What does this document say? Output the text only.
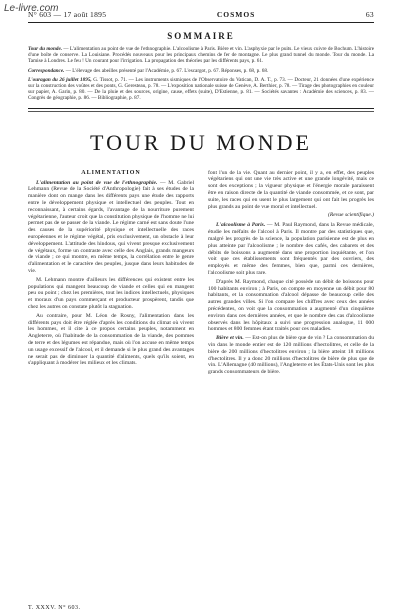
Le-livre.com
N° 603 — 17 août 1895	COSMOS	63
SOMMAIRE
Tour du monde. — L'alimentation au point de vue de l'ethnographie. L'alcoolisme à Paris. Bière et vin. L'asphyxie par le puits. Le vieux cuivre de Bochum. L'histoire d'une boîte de conserve. La Louisiane. Procédés nouveaux pour les principaux chemins de fer de montagne. Le plus grand tunnel du monde. Tour du monde. La Tamise à Londres. Le feu ! Un courant pour l'irrigation. La propagation des théories par les différents pays, p. 61.
Correspondance. — L'élevage des abeilles présenté par l'Académie, p. 67. L'escargot, p. 67. Réponses, p. 68, p. 68.
L'ouragan du 26 juillet 1895, G. Tissot, p. 71. — Les instruments sismiques de l'Observatoire du Vatican, D. A. T., p. 73. — Docteur, 21 données d'une expérience sur la construction des voûtes et des ponts, G. Geresteau, p. 78. — L'exposition nationale suisse de Genève, A. Berthier, p. 78. — Tirage des photographies en couleur sur papier, A. Garin, p. 80. — De la pluie et des sources, origine, cause, effets (suite), D'Estienne, p. 81. — Sociétés savantes : Académie des sciences, p. 83. — Congrès de géographie, p. 86. — Bibliographie, p. 87.
TOUR DU MONDE
ALIMENTATION

L'alimentation au point de vue de l'ethnographie. — M. Gabriel Lehmann (Revue de la Société d'Anthropologie) fait à ses études de la manière dont on mange dans les différents pays une étude des rapports entre le développement physique et intellectuel des peuples. Tout en reconnaissant, à certains égards, l'avantage de la nourriture purement végétarienne, l'auteur croit que la constitution physique de l'homme ne lui permet pas de se passer de la viande. Le régime carné est sans doute l'une des causes de la supériorité physique et intellectuelle des races européennes et le régime végétal, pris exclusivement, un obstacle à leur développement. L'attitude des hindous, qui vivent presque exclusivement de végétaux, forme un contraste avec celle des Anglais, grands mangeurs de viande ; ce qui montre, en même temps, la corrélation entre le genre d'alimentation et le caractère des peuples, jusque dans leurs habitudes de vie.

M. Lehmann montre d'ailleurs les différences qui existent entre les populations qui mangent beaucoup de viande et celles qui en mangent peu ou point ; chez les premières, tout les indices intellectuels, physiques et moraux d'un pays commerçant et producteur prospèrent, tandis que chez les autres on constate plutôt la stagnation.

Au contraire, pour M. Léon de Rosny, l'alimentation dans les différents pays doit être réglée d'après les conditions du climat où vivent les hommes, et il cite à ce propos certains peuples, notamment en Angleterre, où l'habitude de la consommation de la viande, des pommes de terre et des légumes est répandue, mais où l'on accuse en même temps un usage excessif de l'alcool, et il demande si le plus grand des avantages ne serait pas de diminuer la quantité d'aliments, quels qu'ils soient, en s'appliquant à modérer les milieux et les climats.

font l'un de la vie. Quant au dernier point, il y a, en effet, des peuples végétariens qui ont une vie très active et une grande longévité, mais ce sont des exceptions ; la vigueur physique et l'énergie morale paraissent être en raison directe de la quantité de viande consommée, et ce sont, par suite, les races qui en usent le plus largement qui ont fait les progrès les plus grands au point de vue moral et intellectuel.

(Revue scientifique.)

L'alcoolisme à Paris. — M. Paul Raymond, dans la Revue médicale, étudie les méfaits de l'alcool à Paris. Il montre par des statistiques que, malgré les progrès de la science, la population parisienne est de plus en plus atteinte par l'alcoolisme ; le nombre des cafés, des cabarets et des débits de boissons a augmenté dans une proportion inquiétante, et l'on voit que ces établissements sont fréquentés par des ouvriers, des employés et même des femmes, bien que, parmi ces dernières, l'alcoolisme soit plus rare.

D'après M. Raymond, chaque cité possède un débit de boissons pour 100 habitants environ ; à Paris, on compte en moyenne un débit pour 80 habitants, et la consommation d'alcool dépasse de beaucoup celle des autres grandes villes. Si l'on compare les chiffres avec ceux des années précédentes, on voit que la consommation a augmenté d'un cinquième environ dans ces dernières années, et que le nombre des cas d'alcoolisme observés dans les hôpitaux a suivi une progression analogue, 11 000 hommes et 800 femmes étant traités pour ces maladies.

Bière et vin. — Est-on plus de bière que de vin ? La consommation du vin dans le monde entier est de 120 millions d'hectolitres, et celle de la bière de 200 millions d'hectolitres environ ; la bière atteint 18 millions d'hectolitres. Il y a donc 20 millions d'hectolitres de bière de plus que de vin. L'Allemagne (40 millions), l'Angleterre et les États-Unis sont les plus grands consommateurs de bière.

T. XXXV. N° 603.
